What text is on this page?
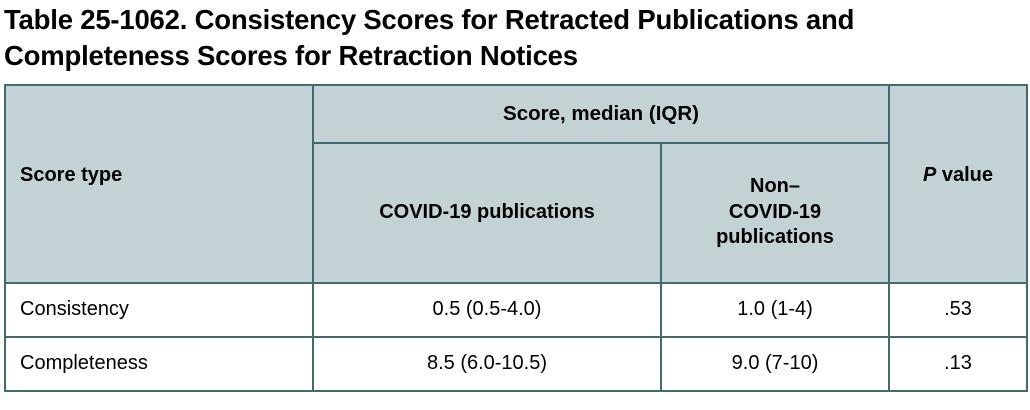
Table 25-1062. Consistency Scores for Retracted Publications and Completeness Scores for Retraction Notices
Score type	Score, median (IQR)		P value
	COVID-19 publications	Non–
COVID-19
publications	

Consistency	0.5 (0.5-4.0)	1.0 (1-4)	.53
Completeness	8.5 (6.0-10.5)	9.0 (7-10)	.13
